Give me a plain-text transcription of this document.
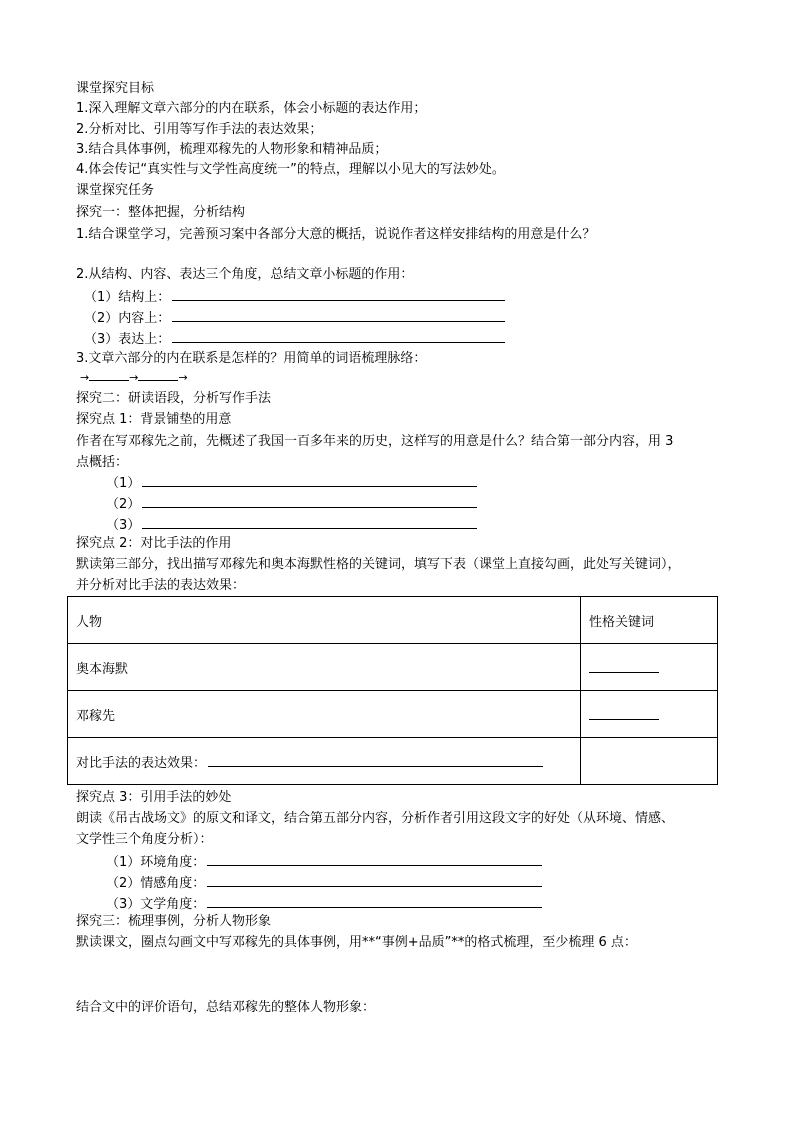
课堂探究目标
1.深入理解文章六部分的内在联系，体会小标题的表达作用；
2.分析对比、引用等写作手法的表达效果；
3.结合具体事例，梳理邓稼先的人物形象和精神品质；
4.体会传记“真实性与文学性高度统一”的特点，理解以小见大的写法妙处。
课堂探究任务
探究一：整体把握，分析结构
1.结合课堂学习，完善预习案中各部分大意的概括，说说作者这样安排结构的用意是什么？
2.从结构、内容、表达三个角度，总结文章小标题的作用：
（1）结构上：
（2）内容上：
（3）表达上：
3.文章六部分的内在联系是怎样的？用简单的词语梳理脉络：
→	→	→
探究二：研读语段，分析写作手法
探究点 1：背景铺垫的用意
作者在写邓稼先之前，先概述了我国一百多年来的历史，这样写的用意是什么？结合第一部分内容，用 3
点概括：
（1）
（2）
（3）
探究点 2：对比手法的作用
默读第三部分，找出描写邓稼先和奥本海默性格的关键词，填写下表（课堂上直接勾画，此处写关键词），
并分析对比手法的表达效果：
人物	性格关键词
奥本海默	
邓稼先	
对比手法的表达效果：	
探究点 3：引用手法的妙处
朗读《吊古战场文》的原文和译文，结合第五部分内容，分析作者引用这段文字的好处（从环境、情感、
文学性三个角度分析）：
（1）环境角度：
（2）情感角度：
（3）文学角度：
探究三：梳理事例，分析人物形象
默读课文，圈点勾画文中写邓稼先的具体事例，用**“事例+品质”**的格式梳理，至少梳理 6 点：
结合文中的评价语句，总结邓稼先的整体人物形象：
